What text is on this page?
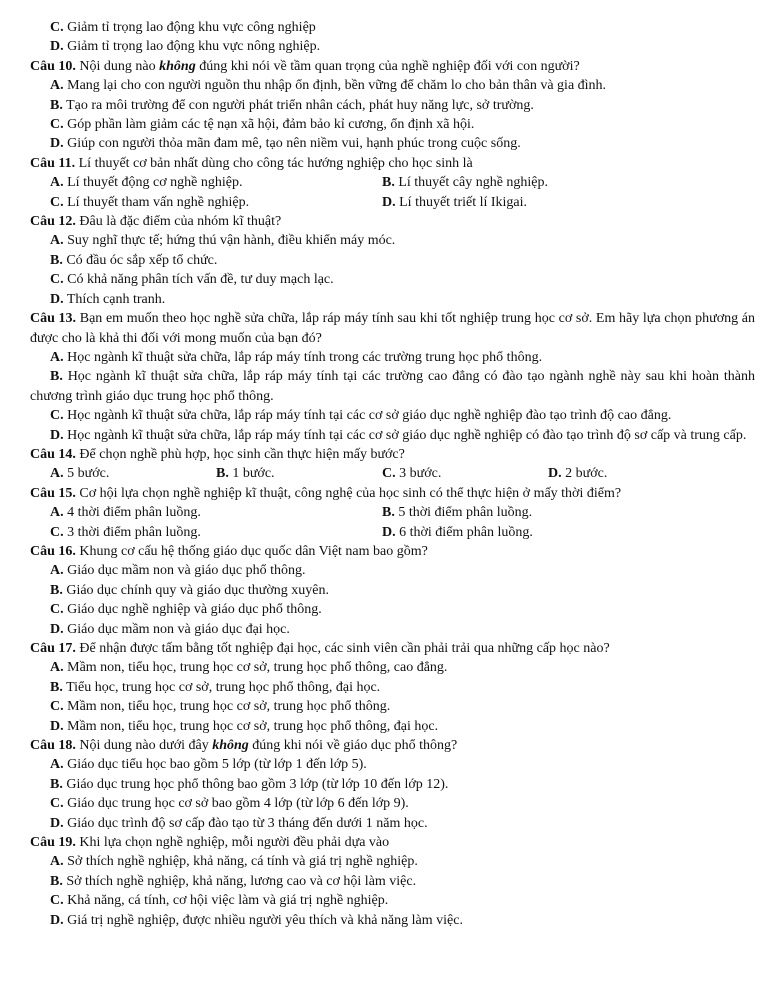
C. Giảm tỉ trọng lao động khu vực công nghiệp
D. Giảm tỉ trọng lao động khu vực nông nghiệp.
Câu 10. Nội dung nào không đúng khi nói về tầm quan trọng của nghề nghiệp đối với con người?
A. Mang lại cho con người nguồn thu nhập ổn định, bền vững để chăm lo cho bản thân và gia đình.
B. Tạo ra môi trường để con người phát triển nhân cách, phát huy năng lực, sở trường.
C. Góp phần làm giảm các tệ nạn xã hội, đảm bảo kỉ cương, ổn định xã hội.
D. Giúp con người thỏa mãn đam mê, tạo nên niềm vui, hạnh phúc trong cuộc sống.
Câu 11. Lí thuyết cơ bản nhất dùng cho công tác hướng nghiệp cho học sinh là
A. Lí thuyết động cơ nghề nghiệp.	B. Lí thuyết cây nghề nghiệp.
C. Lí thuyết tham vấn nghề nghiệp.	D. Lí thuyết triết lí Ikigai.
Câu 12. Đâu là đặc điểm của nhóm kĩ thuật?
A. Suy nghĩ thực tế; hứng thú vận hành, điều khiển máy móc.
B. Có đầu óc sắp xếp tổ chức.
C. Có khả năng phân tích vấn đề, tư duy mạch lạc.
D. Thích cạnh tranh.
Câu 13. Bạn em muốn theo học nghề sửa chữa, lắp ráp máy tính sau khi tốt nghiệp trung học cơ sở. Em hãy lựa chọn phương án được cho là khả thi đối với mong muốn của bạn đó?
A. Học ngành kĩ thuật sửa chữa, lắp ráp máy tính trong các trường trung học phổ thông.
B. Học ngành kĩ thuật sửa chữa, lắp ráp máy tính tại các trường cao đẳng có đào tạo ngành nghề này sau khi hoàn thành chương trình giáo dục trung học phổ thông.
C. Học ngành kĩ thuật sửa chữa, lắp ráp máy tính tại các cơ sở giáo dục nghề nghiệp đào tạo trình độ cao đẳng.
D. Học ngành kĩ thuật sửa chữa, lắp ráp máy tính tại các cơ sở giáo dục nghề nghiệp có đào tạo trình độ sơ cấp và trung cấp.
Câu 14. Để chọn nghề phù hợp, học sinh cần thực hiện mấy bước?
A. 5 bước.	B. 1 bước.	C. 3 bước.	D. 2 bước.
Câu 15. Cơ hội lựa chọn nghề nghiệp kĩ thuật, công nghệ của học sinh có thể thực hiện ở mấy thời điểm?
A. 4 thời điểm phân luồng.	B. 5 thời điểm phân luồng.
C. 3 thời điểm phân luồng.	D. 6 thời điểm phân luồng.
Câu 16. Khung cơ cấu hệ thống giáo dục quốc dân Việt nam bao gồm?
A. Giáo dục mầm non và giáo dục phổ thông.
B. Giáo dục chính quy và giáo dục thường xuyên.
C. Giáo dục nghề nghiệp và giáo dục phổ thông.
D. Giáo dục mầm non và giáo dục đại học.
Câu 17. Để nhận được tấm bằng tốt nghiệp đại học, các sinh viên cần phải trải qua những cấp học nào?
A. Mầm non, tiểu học, trung học cơ sở, trung học phổ thông, cao đẳng.
B. Tiểu học, trung học cơ sở, trung học phổ thông, đại học.
C. Mầm non, tiểu học, trung học cơ sở, trung học phổ thông.
D. Mầm non, tiểu học, trung học cơ sở, trung học phổ thông, đại học.
Câu 18. Nội dung nào dưới đây không đúng khi nói về giáo dục phổ thông?
A. Giáo dục tiểu học bao gồm 5 lớp (từ lớp 1 đến lớp 5).
B. Giáo dục trung học phổ thông bao gồm 3 lớp (từ lớp 10 đến lớp 12).
C. Giáo dục trung học cơ sở bao gồm 4 lớp (từ lớp 6 đến lớp 9).
D. Giáo dục trình độ sơ cấp đào tạo từ 3 tháng đến dưới 1 năm học.
Câu 19. Khi lựa chọn nghề nghiệp, mỗi người đều phải dựa vào
A. Sở thích nghề nghiệp, khả năng, cá tính và giá trị nghề nghiệp.
B. Sở thích nghề nghiệp, khả năng, lương cao và cơ hội làm việc.
C. Khả năng, cá tính, cơ hội việc làm và giá trị nghề nghiệp.
D. Giá trị nghề nghiệp, được nhiều người yêu thích và khả năng làm việc.
